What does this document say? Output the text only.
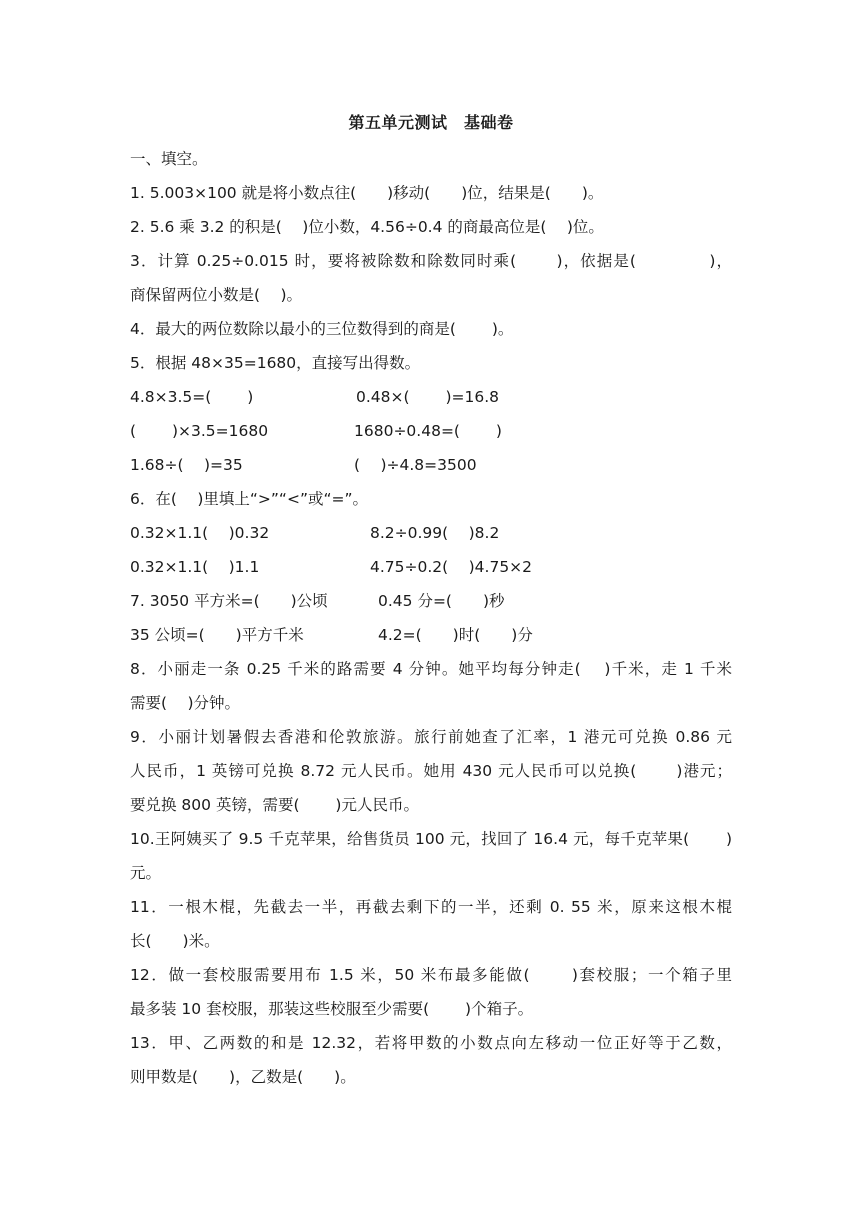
第五单元测试　基础卷
一、填空。
1. 5.003×100 就是将小数点往(　　)移动(　　)位，结果是(　　)。
2. 5.6 乘 3.2 的积是(　 )位小数，4.56÷0.4 的商最高位是(　 )位。
3．计算 0.25÷0.015 时，要将被除数和除数同时乘(　　 )，依据是(　　　　 )，
商保留两位小数是(　 )。
4．最大的两位数除以最小的三位数得到的商是(　　 )。
5．根据 48×35=1680，直接写出得数。
4.8×3.5=(　　 )	0.48×(　　 )=16.8
(　　 )×3.5=1680	1680÷0.48=(　　 )
1.68÷(　 )=35	(　 )÷4.8=3500
6．在(　 )里填上“>”“<”或“=”。
0.32×1.1(　 )0.32	8.2÷0.99(　 )8.2
0.32×1.1(　 )1.1	4.75÷0.2(　 )4.75×2
7. 3050 平方米=(　　)公顷	0.45 分=(　　)秒
35 公顷=(　　)平方千米	4.2=(　　)时(　　)分
8．小丽走一条 0.25 千米的路需要 4 分钟。她平均每分钟走(　 )千米，走 1 千米
需要(　 )分钟。
9．小丽计划暑假去香港和伦敦旅游。旅行前她查了汇率，1 港元可兑换 0.86 元
人民币，1 英镑可兑换 8.72 元人民币。她用 430 元人民币可以兑换(　　 )港元；
要兑换 800 英镑，需要(　　 )元人民币。
10.王阿姨买了 9.5 千克苹果，给售货员 100 元，找回了 16.4 元，每千克苹果(　　 )
元。
11．一根木棍，先截去一半，再截去剩下的一半，还剩 0. 55 米，原来这根木棍
长(　　)米。
12．做一套校服需要用布 1.5 米，50 米布最多能做(　　 )套校服；一个箱子里
最多装 10 套校服，那装这些校服至少需要(　　 )个箱子。
13．甲、乙两数的和是 12.32，若将甲数的小数点向左移动一位正好等于乙数，
则甲数是(　　)，乙数是(　　)。
